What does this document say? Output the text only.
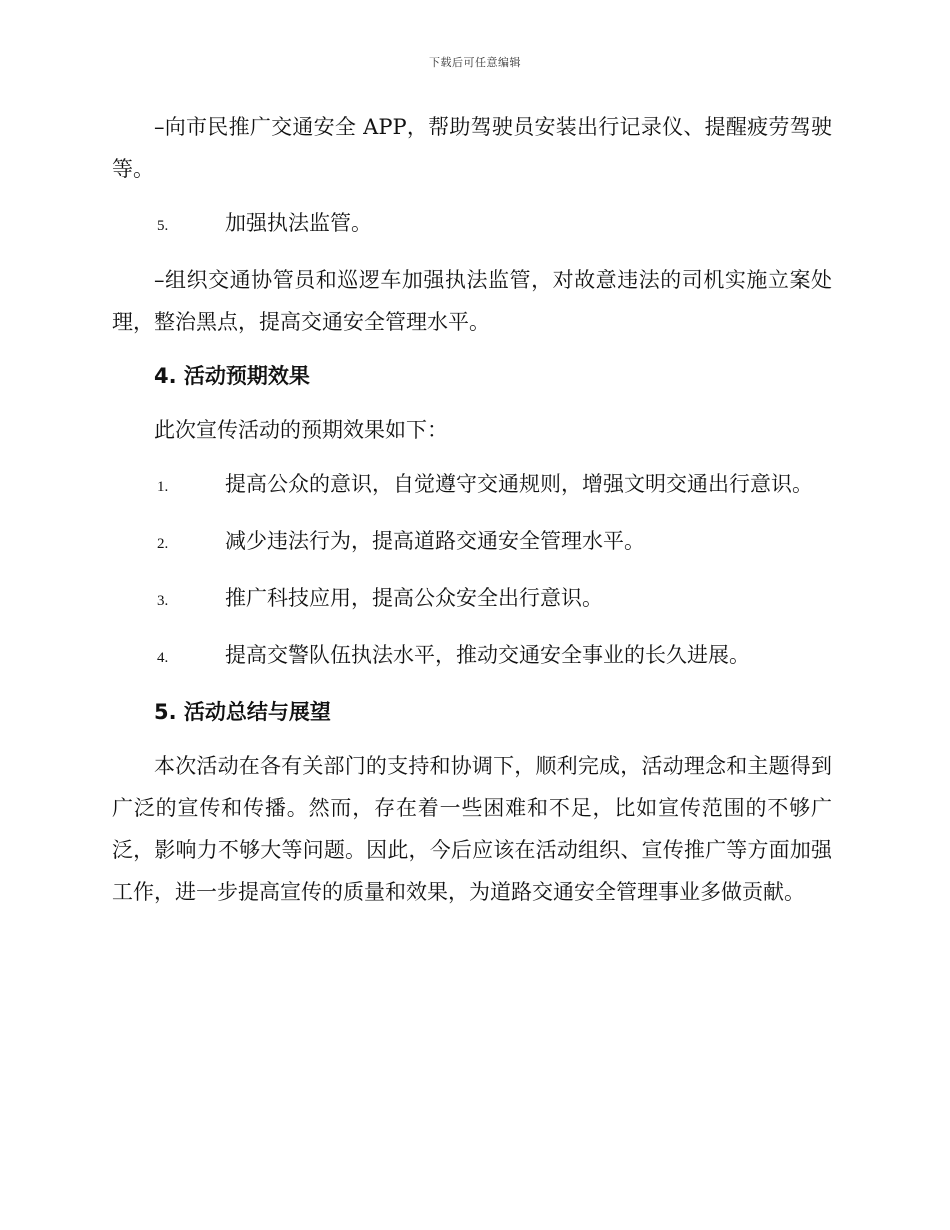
下载后可任意编辑

–向市民推广交通安全 APP，帮助驾驶员安装出行记录仪、提醒疲劳驾驶等。

5.	加强执法监管。

–组织交通协管员和巡逻车加强执法监管，对故意违法的司机实施立案处理，整治黑点，提高交通安全管理水平。

4. 活动预期效果

此次宣传活动的预期效果如下：

1.	提高公众的意识，自觉遵守交通规则，增强文明交通出行意识。
2.	减少违法行为，提高道路交通安全管理水平。
3.	推广科技应用，提高公众安全出行意识。
4.	提高交警队伍执法水平，推动交通安全事业的长久进展。
5. 活动总结与展望

本次活动在各有关部门的支持和协调下，顺利完成，活动理念和主题得到广泛的宣传和传播。然而，存在着一些困难和不足，比如宣传范围的不够广泛，影响力不够大等问题。因此，今后应该在活动组织、宣传推广等方面加强工作，进一步提高宣传的质量和效果，为道路交通安全管理事业多做贡献。
